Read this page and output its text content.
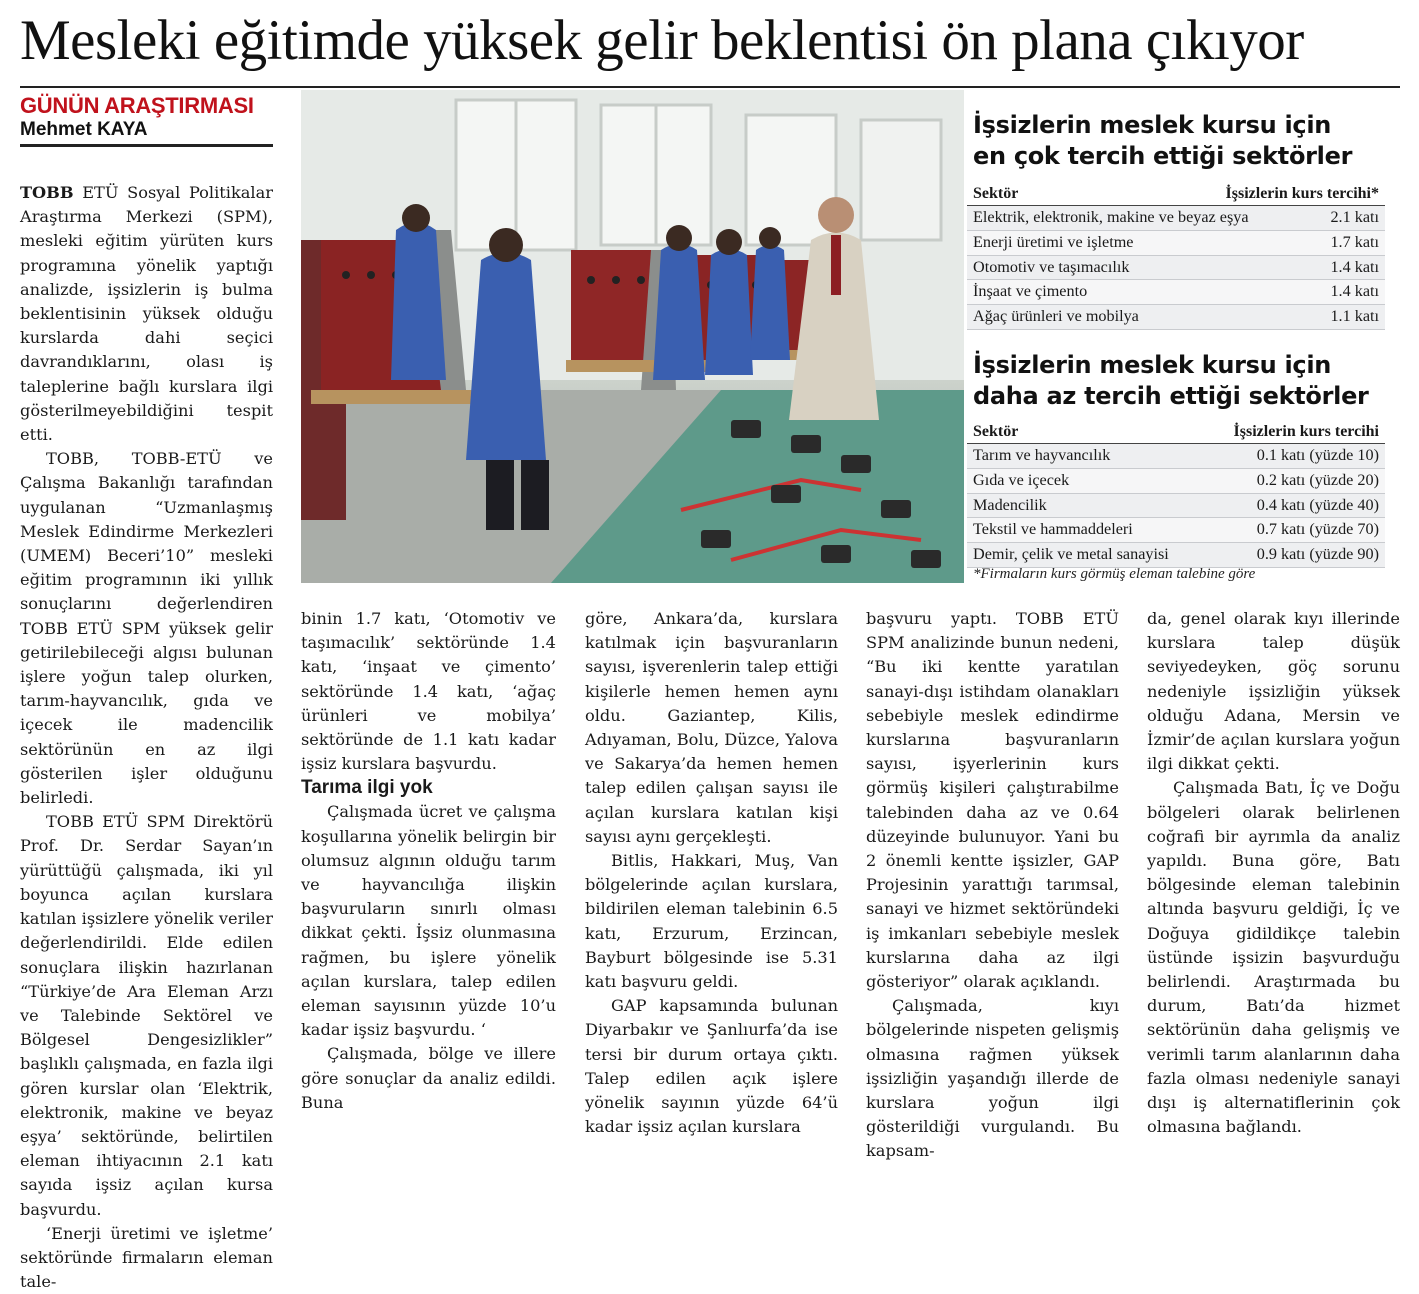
Mesleki eğitimde yüksek gelir beklentisi ön plana çıkıyor
GÜNÜN ARAŞTIRMASI
Mehmet KAYA

TOBB ETÜ Sosyal Politikalar Araştırma Merkezi (SPM), mesleki eğitim yürüten kurs programına yönelik yaptığı analizde, işsizlerin iş bulma beklentisinin yüksek olduğu kurslarda dahi seçici davrandıklarını, olası iş taleplerine bağlı kurslara ilgi gösterilmeyebildiğini tespit etti.

TOBB, TOBB-ETÜ ve Çalışma Bakanlığı tarafından uygulanan “Uzmanlaşmış Meslek Edindirme Merkezleri (UMEM) Beceri’10” mesleki eğitim programının iki yıllık sonuçlarını değerlendiren TOBB ETÜ SPM yüksek gelir getirilebileceği algısı bulunan işlere yoğun talep olurken, tarım-hayvancılık, gıda ve içecek ile madencilik sektörünün en az ilgi gösterilen işler olduğunu belirledi.

TOBB ETÜ SPM Direktörü Prof. Dr. Serdar Sayan’ın yürüttüğü çalışmada, iki yıl boyunca açılan kurslara katılan işsizlere yönelik veriler değerlendirildi. Elde edilen sonuçlara ilişkin hazırlanan “Türkiye’de Ara Eleman Arzı ve Talebinde Sektörel ve Bölgesel Dengesizlikler” başlıklı çalışmada, en fazla ilgi gören kurslar olan ‘Elektrik, elektronik, makine ve beyaz eşya’ sektöründe, belirtilen eleman ihtiyacının 2.1 katı sayıda işsiz açılan kursa başvurdu.

‘Enerji üretimi ve işletme’ sektöründe firmaların eleman tale-

İşsizlerin meslek kursu için
en çok tercih ettiği sektörler
Sektör	İşsizlerin kurs tercihi*
Elektrik, elektronik, makine ve beyaz eşya	2.1 katı
Enerji üretimi ve işletme	1.7 katı
Otomotiv ve taşımacılık	1.4 katı
İnşaat ve çimento	1.4 katı
Ağaç ürünleri ve mobilya	1.1 katı
İşsizlerin meslek kursu için
daha az tercih ettiği sektörler
Sektör	İşsizlerin kurs tercihi
Tarım ve hayvancılık	0.1 katı (yüzde 10)
Gıda ve içecek	0.2 katı (yüzde 20)
Madencilik	0.4 katı (yüzde 40)
Tekstil ve hammaddeleri	0.7 katı (yüzde 70)
Demir, çelik ve metal sanayisi	0.9 katı (yüzde 90)
*Firmaların kurs görmüş eleman talebine göre

binin 1.7 katı, ‘Otomotiv ve taşımacılık’ sektöründe 1.4 katı, ‘inşaat ve çimento’ sektöründe 1.4 katı, ‘ağaç ürünleri ve mobilya’ sektöründe de 1.1 katı kadar işsiz kurslara başvurdu.

Tarıma ilgi yok

Çalışmada ücret ve çalışma koşullarına yönelik belirgin bir olumsuz algının olduğu tarım ve hayvancılığa ilişkin başvuruların sınırlı olması dikkat çekti. İşsiz olunmasına rağmen, bu işlere yönelik açılan kurslara, talep edilen eleman sayısının yüzde 10’u kadar işsiz başvurdu. ‘

Çalışmada, bölge ve illere göre sonuçlar da analiz edildi. Buna

göre, Ankara’da, kurslara katılmak için başvuranların sayısı, işverenlerin talep ettiği kişilerle hemen hemen aynı oldu. Gaziantep, Kilis, Adıyaman, Bolu, Düzce, Yalova ve Sakarya’da hemen hemen talep edilen çalışan sayısı ile açılan kurslara katılan kişi sayısı aynı gerçekleşti.

Bitlis, Hakkari, Muş, Van bölgelerinde açılan kurslara, bildirilen eleman talebinin 6.5 katı, Erzurum, Erzincan, Bayburt bölgesinde ise 5.31 katı başvuru geldi.

GAP kapsamında bulunan Diyarbakır ve Şanlıurfa’da ise tersi bir durum ortaya çıktı. Talep edilen açık işlere yönelik sayının yüzde 64’ü kadar işsiz açılan kurslara

başvuru yaptı. TOBB ETÜ SPM analizinde bunun nedeni, “Bu iki kentte yaratılan sanayi-dışı istihdam olanakları sebebiyle meslek edindirme kurslarına başvuranların sayısı, işyerlerinin kurs görmüş kişileri çalıştırabilme talebinden daha az ve 0.64 düzeyinde bulunuyor. Yani bu 2 önemli kentte işsizler, GAP Projesinin yarattığı tarımsal, sanayi ve hizmet sektöründeki iş imkanları sebebiyle meslek kurslarına daha az ilgi gösteriyor” olarak açıklandı.

Çalışmada, kıyı bölgelerinde nispeten gelişmiş olmasına rağmen yüksek işsizliğin yaşandığı illerde de kurslara yoğun ilgi gösterildiği vurgulandı. Bu kapsam-

da, genel olarak kıyı illerinde kurslara talep düşük seviyedeyken, göç sorunu nedeniyle işsizliğin yüksek olduğu Adana, Mersin ve İzmir’de açılan kurslara yoğun ilgi dikkat çekti.

Çalışmada Batı, İç ve Doğu bölgeleri olarak belirlenen coğrafi bir ayrımla da analiz yapıldı. Buna göre, Batı bölgesinde eleman talebinin altında başvuru geldiği, İç ve Doğuya gidildikçe talebin üstünde işsizin başvurduğu belirlendi. Araştırmada bu durum, Batı’da hizmet sektörünün daha gelişmiş ve verimli tarım alanlarının daha fazla olması nedeniyle sanayi dışı iş alternatiflerinin çok olmasına bağlandı.
